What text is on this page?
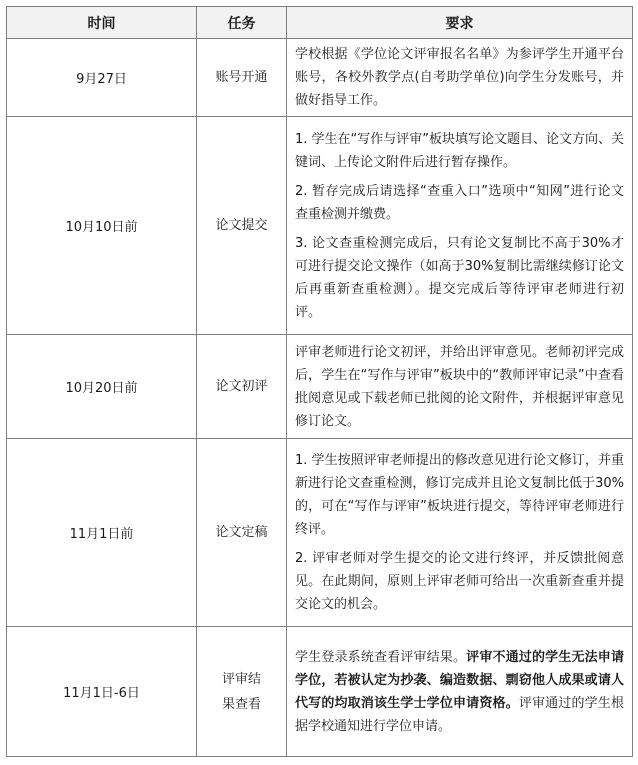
时间	任务	要求
9月27日	账号开通	学校根据《学位论文评审报名名单》为参评学生开通平台账号，各校外教学点(自考助学单位)向学生分发账号，并做好指导工作。

10月10日前	论文提交	1. 学生在“写作与评审”板块填写论文题目、论文方向、关键词、上传论文附件后进行暂存操作。

2. 暂存完成后请选择“查重入口”选项中“知网”进行论文查重检测并缴费。

3. 论文查重检测完成后，只有论文复制比不高于30%才可进行提交论文操作（如高于30%复制比需继续修订论文后再重新查重检测）。提交完成后等待评审老师进行初评。

10月20日前	论文初评	评审老师进行论文初评，并给出评审意见。老师初评完成后，学生在“写作与评审”板块中的“教师评审记录”中查看批阅意见或下载老师已批阅的论文附件，并根据评审意见修订论文。

11月1日前	论文定稿	1. 学生按照评审老师提出的修改意见进行论文修订，并重新进行论文查重检测，修订完成并且论文复制比低于30%的，可在“写作与评审”板块进行提交，等待评审老师进行终评。

2. 评审老师对学生提交的论文进行终评，并反馈批阅意见。在此期间，原则上评审老师可给出一次重新查重并提交论文的机会。

11月1日-6日	评审结果查看	学生登录系统查看评审结果。评审不通过的学生无法申请学位，若被认定为抄袭、编造数据、剽窃他人成果或请人代写的均取消该生学士学位申请资格。评审通过的学生根据学校通知进行学位申请。
